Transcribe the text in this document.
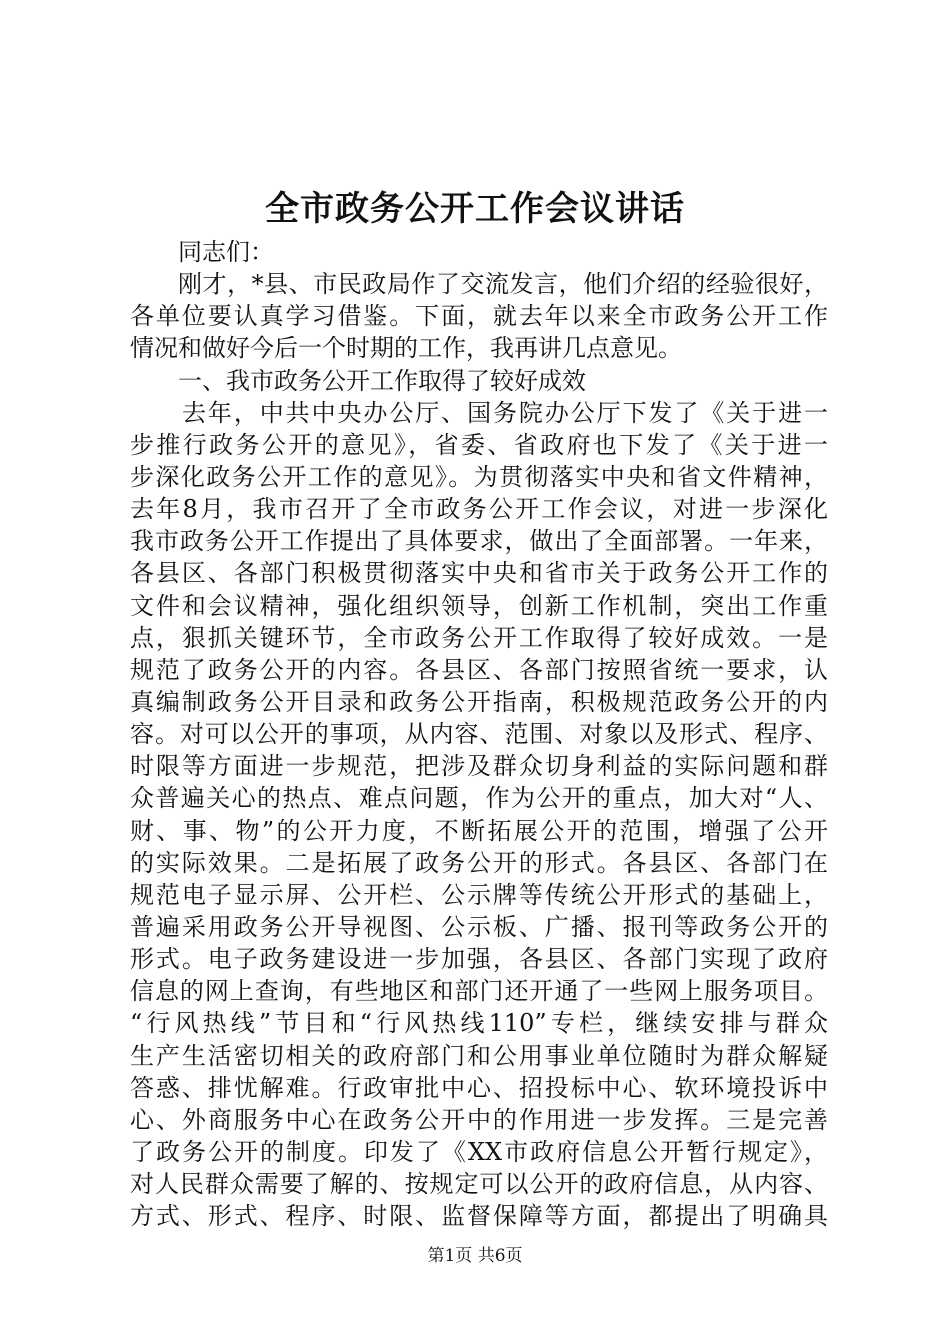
全市政务公开工作会议讲话
同志们：
刚才，*县、市民政局作了交流发言，他们介绍的经验很好，
各单位要认真学习借鉴。下面，就去年以来全市政务公开工作
情况和做好今后一个时期的工作，我再讲几点意见。
一、我市政务公开工作取得了较好成效
去年，中共中央办公厅、国务院办公厅下发了《关于进一
步推行政务公开的意见》，省委、省政府也下发了《关于进一
步深化政务公开工作的意见》。为贯彻落实中央和省文件精神，
去年8月，我市召开了全市政务公开工作会议，对进一步深化
我市政务公开工作提出了具体要求，做出了全面部署。一年来，
各县区、各部门积极贯彻落实中央和省市关于政务公开工作的
文件和会议精神，强化组织领导，创新工作机制，突出工作重
点，狠抓关键环节，全市政务公开工作取得了较好成效。一是
规范了政务公开的内容。各县区、各部门按照省统一要求，认
真编制政务公开目录和政务公开指南，积极规范政务公开的内
容。对可以公开的事项，从内容、范围、对象以及形式、程序、
时限等方面进一步规范，把涉及群众切身利益的实际问题和群
众普遍关心的热点、难点问题，作为公开的重点，加大对“人、
财、事、物”的公开力度，不断拓展公开的范围，增强了公开
的实际效果。二是拓展了政务公开的形式。各县区、各部门在
规范电子显示屏、公开栏、公示牌等传统公开形式的基础上，
普遍采用政务公开导视图、公示板、广播、报刊等政务公开的
形式。电子政务建设进一步加强，各县区、各部门实现了政府
信息的网上查询，有些地区和部门还开通了一些网上服务项目。
“行风热线”节目和“行风热线110”专栏，继续安排与群众
生产生活密切相关的政府部门和公用事业单位随时为群众解疑
答惑、排忧解难。行政审批中心、招投标中心、软环境投诉中
心、外商服务中心在政务公开中的作用进一步发挥。三是完善
了政务公开的制度。印发了《XX市政府信息公开暂行规定》，
对人民群众需要了解的、按规定可以公开的政府信息，从内容、
方式、形式、程序、时限、监督保障等方面，都提出了明确具
第1页 共6页
